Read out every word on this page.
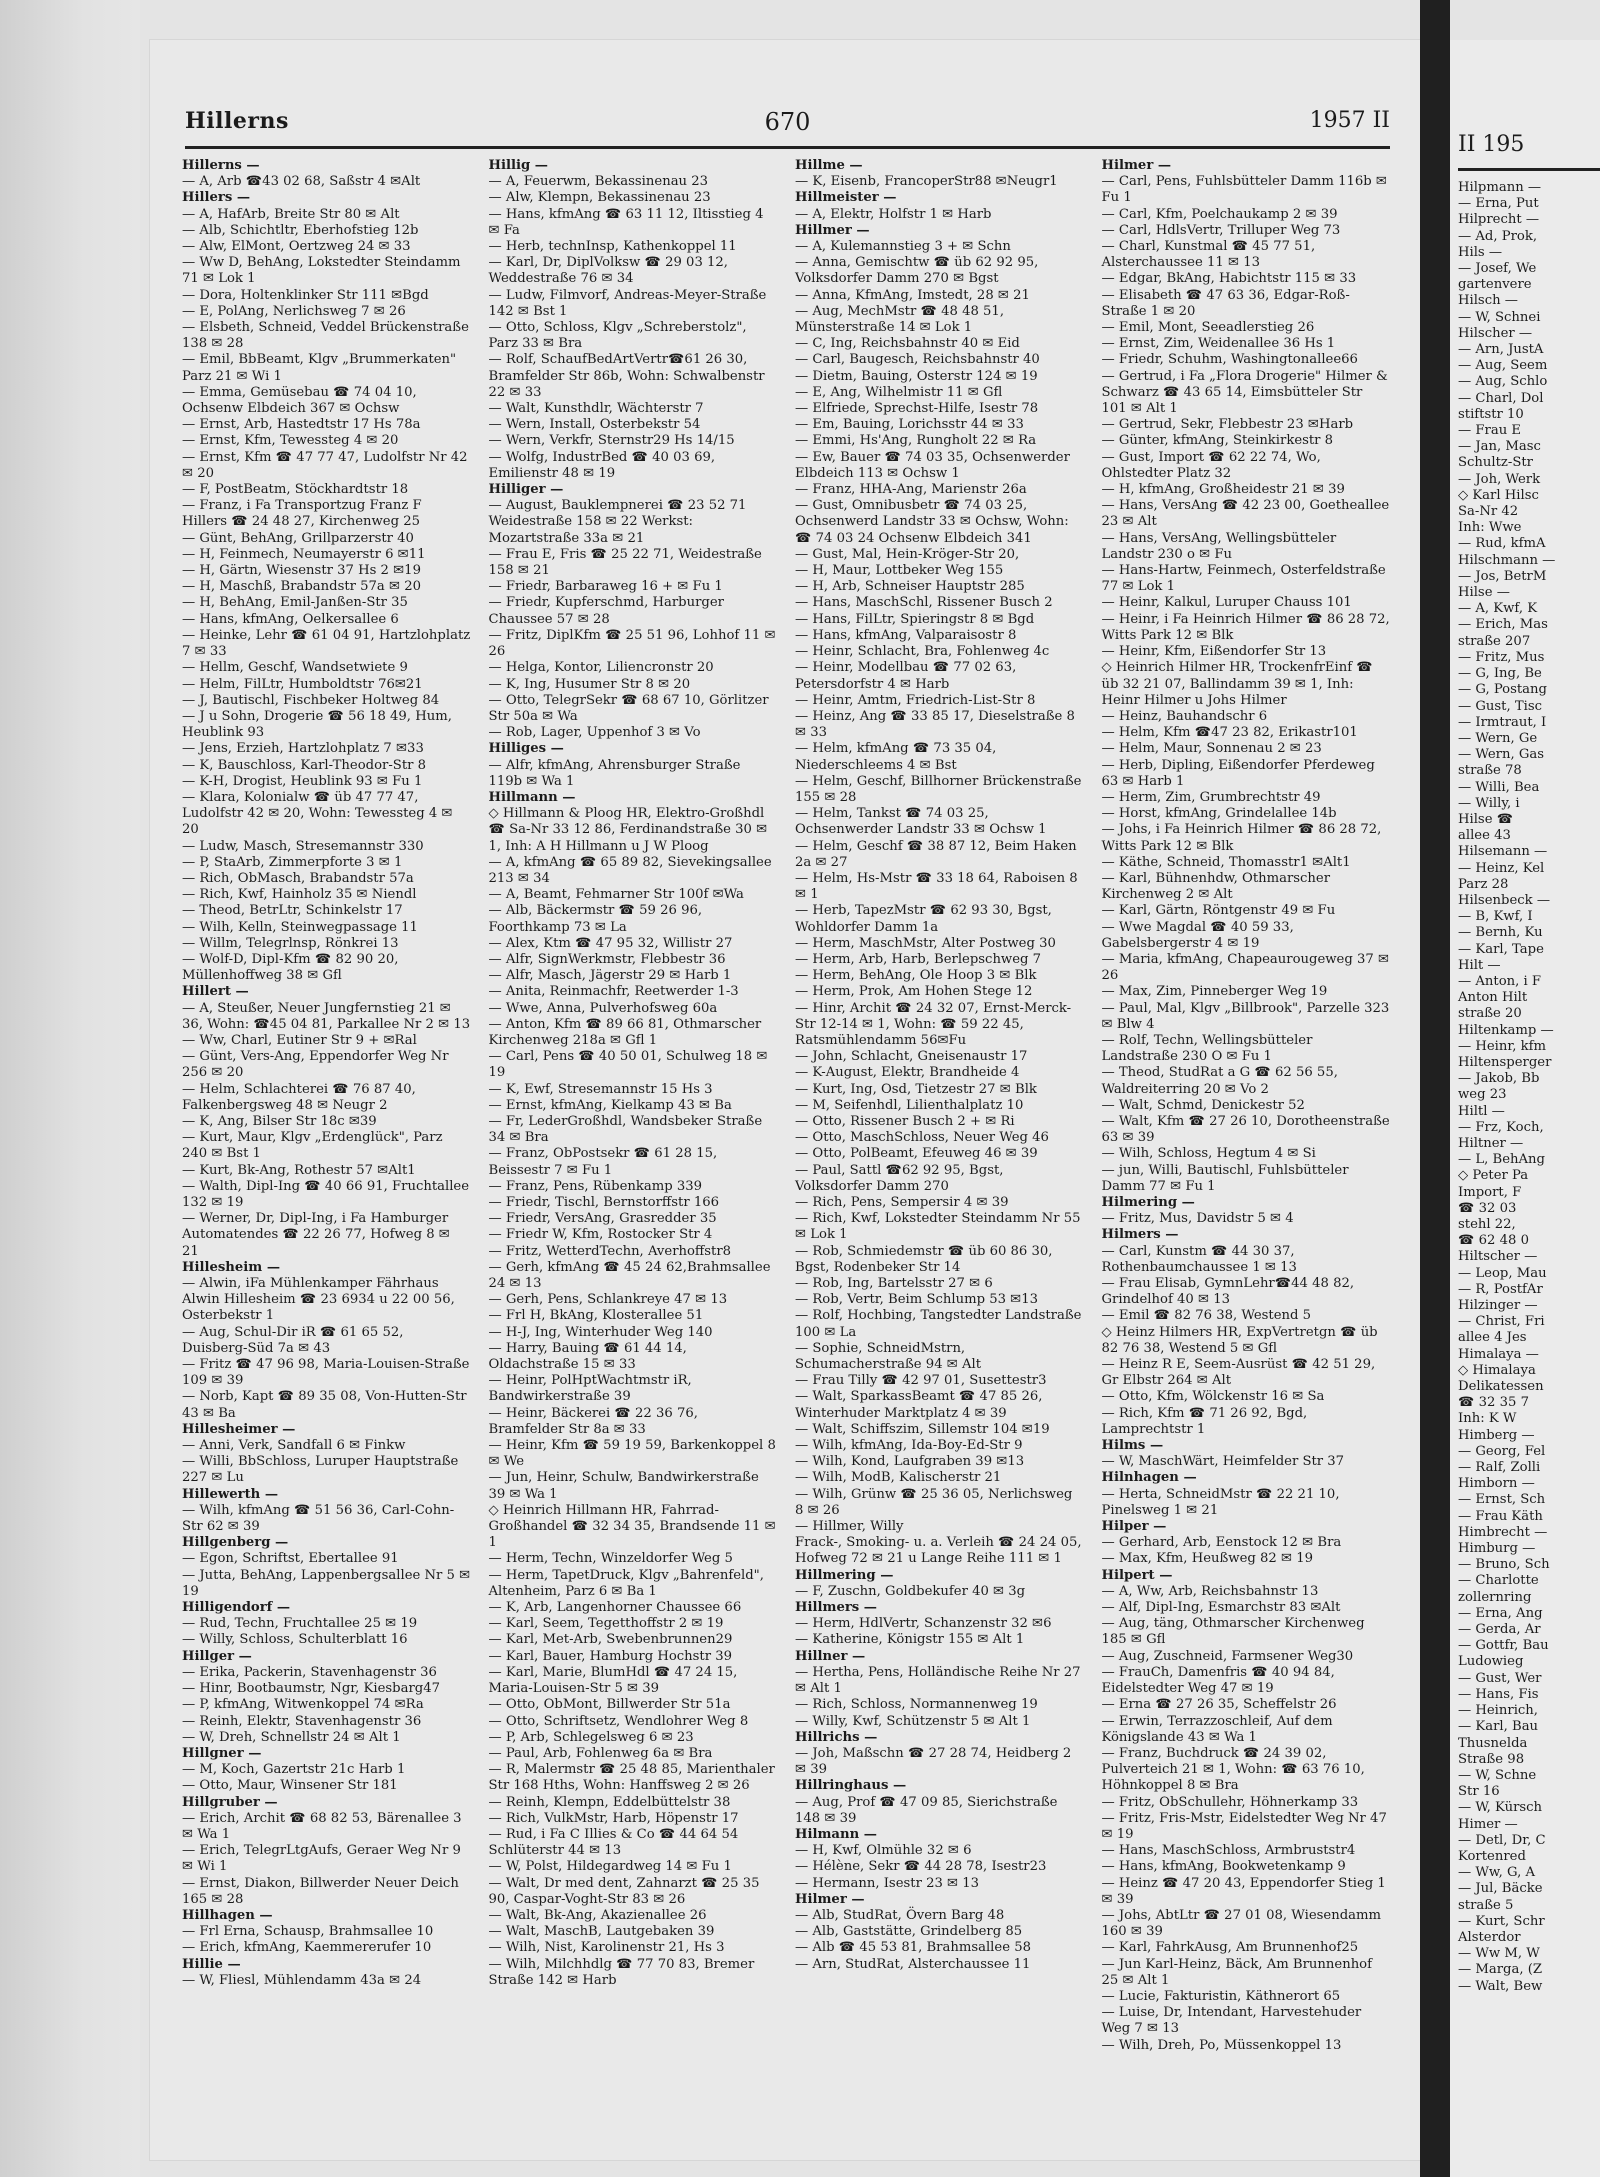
Hillerns	670	1957 II

Hillerns —

— A, Arb ☎43 02 68, Saßstr 4 ✉Alt

Hillers —

— A, HafArb, Breite Str 80 ✉ Alt

— Alb, Schichtltr, Eberhofstieg 12b

— Alw, ElMont, Oertzweg 24 ✉ 33

— Ww D, BehAng, Lokstedter Steindamm 71 ✉ Lok 1

— Dora, Holtenklinker Str 111 ✉Bgd

— E, PolAng, Nerlichsweg 7 ✉ 26

— Elsbeth, Schneid, Veddel Brückenstraße 138 ✉ 28

— Emil, BbBeamt, Klgv „Brummerkaten" Parz 21 ✉ Wi 1

— Emma, Gemüsebau ☎ 74 04 10, Ochsenw Elbdeich 367 ✉ Ochsw

— Ernst, Arb, Hastedtstr 17 Hs 78a

— Ernst, Kfm, Tewessteg 4 ✉ 20

— Ernst, Kfm ☎ 47 77 47, Ludolfstr Nr 42 ✉ 20

— F, PostBeatm, Stöckhardtstr 18

— Franz, i Fa Transportzug Franz F Hillers ☎ 24 48 27, Kirchenweg 25

— Günt, BehAng, Grillparzerstr 40

— H, Feinmech, Neumayerstr 6 ✉11

— H, Gärtn, Wiesenstr 37 Hs 2 ✉19

— H, Maschß, Brabandstr 57a ✉ 20

— H, BehAng, Emil-Janßen-Str 35

— Hans, kfmAng, Oelkersallee 6

— Heinke, Lehr ☎ 61 04 91, Hartzlohplatz 7 ✉ 33

— Hellm, Geschf, Wandsetwiete 9

— Helm, FilLtr, Humboldtstr 76✉21

— J, Bautischl, Fischbeker Holtweg 84

— J u Sohn, Drogerie ☎ 56 18 49, Hum, Heublink 93

— Jens, Erzieh, Hartzlohplatz 7 ✉33

— K, Bauschloss, Karl-Theodor-Str 8

— K-H, Drogist, Heublink 93 ✉ Fu 1

— Klara, Kolonialw ☎ üb 47 77 47, Ludolfstr 42 ✉ 20, Wohn: Tewessteg 4 ✉ 20

— Ludw, Masch, Stresemannstr 330

— P, StaArb, Zimmerpforte 3 ✉ 1

— Rich, ObMasch, Brabandstr 57a

— Rich, Kwf, Hainholz 35 ✉ Niendl

— Theod, BetrLtr, Schinkelstr 17

— Wilh, Kelln, Steinwegpassage 11

— Willm, Telegrlnsp, Rönkrei 13

— Wolf-D, Dipl-Kfm ☎ 82 90 20, Müllenhoffweg 38 ✉ Gfl

Hillert —

— A, Steußer, Neuer Jungfernstieg 21 ✉36, Wohn: ☎45 04 81, Parkallee Nr 2 ✉ 13

— Ww, Charl, Eutiner Str 9 + ✉Ral

— Günt, Vers-Ang, Eppendorfer Weg Nr 256 ✉ 20

— Helm, Schlachterei ☎ 76 87 40, Falkenbergsweg 48 ✉ Neugr 2

— K, Ang, Bilser Str 18c ✉39

— Kurt, Maur, Klgv „Erdenglück", Parz 240 ✉ Bst 1

— Kurt, Bk-Ang, Rothestr 57 ✉Alt1

— Walth, Dipl-Ing ☎ 40 66 91, Fruchtallee 132 ✉ 19

— Werner, Dr, Dipl-Ing, i Fa Hamburger Automatendes ☎ 22 26 77, Hofweg 8 ✉ 21

Hillesheim —

— Alwin, iFa Mühlenkamper Fährhaus Alwin Hillesheim ☎ 23 6934 u 22 00 56, Osterbekstr 1

— Aug, Schul-Dir iR ☎ 61 65 52, Duisberg-Süd 7a ✉ 43

— Fritz ☎ 47 96 98, Maria-Louisen-Straße 109 ✉ 39

— Norb, Kapt ☎ 89 35 08, Von-Hutten-Str 43 ✉ Ba

Hillesheimer —

— Anni, Verk, Sandfall 6 ✉ Finkw

— Willi, BbSchloss, Luruper Hauptstraße 227 ✉ Lu

Hillewerth —

— Wilh, kfmAng ☎ 51 56 36, Carl-Cohn-Str 62 ✉ 39

Hillgenberg —

— Egon, Schriftst, Ebertallee 91

— Jutta, BehAng, Lappenbergsallee Nr 5 ✉ 19

Hilligendorf —

— Rud, Techn, Fruchtallee 25 ✉ 19

— Willy, Schloss, Schulterblatt 16

Hillger —

— Erika, Packerin, Stavenhagenstr 36

— Hinr, Bootbaumstr, Ngr, Kiesbarg47

— P, kfmAng, Witwenkoppel 74 ✉Ra

— Reinh, Elektr, Stavenhagenstr 36

— W, Dreh, Schnellstr 24 ✉ Alt 1

Hillgner —

— M, Koch, Gazertstr 21c Harb 1

— Otto, Maur, Winsener Str 181

Hillgruber —

— Erich, Archit ☎ 68 82 53, Bärenallee 3 ✉ Wa 1

— Erich, TelegrLtgAufs, Geraer Weg Nr 9 ✉ Wi 1

— Ernst, Diakon, Billwerder Neuer Deich 165 ✉ 28

Hillhagen —

— Frl Erna, Schausp, Brahmsallee 10

— Erich, kfmAng, Kaemmererufer 10

Hillie —

— W, Fliesl, Mühlendamm 43a ✉ 24

Hillig —

— A, Feuerwm, Bekassinenau 23

— Alw, Klempn, Bekassinenau 23

— Hans, kfmAng ☎ 63 11 12, Iltisstieg 4 ✉ Fa

— Herb, technInsp, Kathenkoppel 11

— Karl, Dr, DiplVolksw ☎ 29 03 12, Weddestraße 76 ✉ 34

— Ludw, Filmvorf, Andreas-Meyer-Straße 142 ✉ Bst 1

— Otto, Schloss, Klgv „Schreberstolz", Parz 33 ✉ Bra

— Rolf, SchaufBedArtVertr☎61 26 30, Bramfelder Str 86b, Wohn: Schwalbenstr 22 ✉ 33

— Walt, Kunsthdlr, Wächterstr 7

— Wern, Install, Osterbekstr 54

— Wern, Verkfr, Sternstr29 Hs 14/15

— Wolfg, IndustrBed ☎ 40 03 69, Emilienstr 48 ✉ 19

Hilliger —

— August, Bauklempnerei ☎ 23 52 71 Weidestraße 158 ✉ 22 Werkst: Mozartstraße 33a ✉ 21

— Frau E, Fris ☎ 25 22 71, Weidestraße 158 ✉ 21

— Friedr, Barbaraweg 16 + ✉ Fu 1

— Friedr, Kupferschmd, Harburger Chaussee 57 ✉ 28

— Fritz, DiplKfm ☎ 25 51 96, Lohhof 11 ✉ 26

— Helga, Kontor, Liliencronstr 20

— K, Ing, Husumer Str 8 ✉ 20

— Otto, TelegrSekr ☎ 68 67 10, Görlitzer Str 50a ✉ Wa

— Rob, Lager, Uppenhof 3 ✉ Vo

Hilliges —

— Alfr, kfmAng, Ahrensburger Straße 119b ✉ Wa 1

Hillmann —

◇ Hillmann & Ploog HR, Elektro-Großhdl ☎ Sa-Nr 33 12 86, Ferdinandstraße 30 ✉ 1, Inh: A H Hillmann u J W Ploog

— A, kfmAng ☎ 65 89 82, Sievekingsallee 213 ✉ 34

— A, Beamt, Fehmarner Str 100f ✉Wa

— Alb, Bäckermstr ☎ 59 26 96, Foorthkamp 73 ✉ La

— Alex, Ktm ☎ 47 95 32, Willistr 27

— Alfr, SignWerkmstr, Flebbestr 36

— Alfr, Masch, Jägerstr 29 ✉ Harb 1

— Anita, Reinmachfr, Reetwerder 1-3

— Wwe, Anna, Pulverhofsweg 60a

— Anton, Kfm ☎ 89 66 81, Othmarscher Kirchenweg 218a ✉ Gfl 1

— Carl, Pens ☎ 40 50 01, Schulweg 18 ✉ 19

— K, Ewf, Stresemannstr 15 Hs 3

— Ernst, kfmAng, Kielkamp 43 ✉ Ba

— Fr, LederGroßhdl, Wandsbeker Straße 34 ✉ Bra

— Franz, ObPostsekr ☎ 61 28 15, Beissestr 7 ✉ Fu 1

— Franz, Pens, Rübenkamp 339

— Friedr, Tischl, Bernstorffstr 166

— Friedr, VersAng, Grasredder 35

— Friedr W, Kfm, Rostocker Str 4

— Fritz, WetterdTechn, Averhoffstr8

— Gerh, kfmAng ☎ 45 24 62,Brahmsallee 24 ✉ 13

— Gerh, Pens, Schlankreye 47 ✉ 13

— Frl H, BkAng, Klosterallee 51

— H-J, Ing, Winterhuder Weg 140

— Harry, Bauing ☎ 61 44 14, Oldachstraße 15 ✉ 33

— Heinr, PolHptWachtmstr iR, Bandwirkerstraße 39

— Heinr, Bäckerei ☎ 22 36 76, Bramfelder Str 8a ✉ 33

— Heinr, Kfm ☎ 59 19 59, Barkenkoppel 8 ✉ We

— Jun, Heinr, Schulw, Bandwirkerstraße 39 ✉ Wa 1

◇ Heinrich Hillmann HR, Fahrrad-Großhandel ☎ 32 34 35, Brandsende 11 ✉ 1

— Herm, Techn, Winzeldorfer Weg 5

— Herm, TapetDruck, Klgv „Bahrenfeld", Altenheim, Parz 6 ✉ Ba 1

— K, Arb, Langenhorner Chaussee 66

— Karl, Seem, Tegetthoffstr 2 ✉ 19

— Karl, Met-Arb, Swebenbrunnen29

— Karl, Bauer, Hamburg Hochstr 39

— Karl, Marie, BlumHdl ☎ 47 24 15, Maria-Louisen-Str 5 ✉ 39

— Otto, ObMont, Billwerder Str 51a

— Otto, Schriftsetz, Wendlohrer Weg 8

— P, Arb, Schlegelsweg 6 ✉ 23

— Paul, Arb, Fohlenweg 6a ✉ Bra

— R, Malermstr ☎ 25 48 85, Marienthaler Str 168 Hths, Wohn: Hanffsweg 2 ✉ 26

— Reinh, Klempn, Eddelbüttelstr 38

— Rich, VulkMstr, Harb, Höpenstr 17

— Rud, i Fa C Illies & Co ☎ 44 64 54 Schlüterstr 44 ✉ 13

— W, Polst, Hildegardweg 14 ✉ Fu 1

— Walt, Dr med dent, Zahnarzt ☎ 25 35 90, Caspar-Voght-Str 83 ✉ 26

— Walt, Bk-Ang, Akazienallee 26

— Walt, MaschB, Lautgebaken 39

— Wilh, Nist, Karolinenstr 21, Hs 3

— Wilh, Milchhdlg ☎ 77 70 83, Bremer Straße 142 ✉ Harb

Hillme —

— K, Eisenb, FrancoperStr88 ✉Neugr1

Hillmeister —

— A, Elektr, Holfstr 1 ✉ Harb

Hillmer —

— A, Kulemannstieg 3 + ✉ Schn

— Anna, Gemischtw ☎ üb 62 92 95, Volksdorfer Damm 270 ✉ Bgst

— Anna, KfmAng, Imstedt, 28 ✉ 21

— Aug, MechMstr ☎ 48 48 51, Münsterstraße 14 ✉ Lok 1

— C, Ing, Reichsbahnstr 40 ✉ Eid

— Carl, Baugesch, Reichsbahnstr 40

— Dietm, Bauing, Osterstr 124 ✉ 19

— E, Ang, Wilhelmistr 11 ✉ Gfl

— Elfriede, Sprechst-Hilfe, Isestr 78

— Em, Bauing, Lorichsstr 44 ✉ 33

— Emmi, Hs'Ang, Rungholt 22 ✉ Ra

— Ew, Bauer ☎ 74 03 35, Ochsenwerder Elbdeich 113 ✉ Ochsw 1

— Franz, HHA-Ang, Marienstr 26a

— Gust, Omnibusbetr ☎ 74 03 25, Ochsenwerd Landstr 33 ✉ Ochsw, Wohn: ☎ 74 03 24 Ochsenw Elbdeich 341

— Gust, Mal, Hein-Kröger-Str 20,

— H, Maur, Lottbeker Weg 155

— H, Arb, Schneiser Hauptstr 285

— Hans, MaschSchl, Rissener Busch 2

— Hans, FilLtr, Spieringstr 8 ✉ Bgd

— Hans, kfmAng, Valparaisostr 8

— Heinr, Schlacht, Bra, Fohlenweg 4c

— Heinr, Modellbau ☎ 77 02 63, Petersdorfstr 4 ✉ Harb

— Heinr, Amtm, Friedrich-List-Str 8

— Heinz, Ang ☎ 33 85 17, Dieselstraße 8 ✉ 33

— Helm, kfmAng ☎ 73 35 04, Niederschleems 4 ✉ Bst

— Helm, Geschf, Billhorner Brückenstraße 155 ✉ 28

— Helm, Tankst ☎ 74 03 25, Ochsenwerder Landstr 33 ✉ Ochsw 1

— Helm, Geschf ☎ 38 87 12, Beim Haken 2a ✉ 27

— Helm, Hs-Mstr ☎ 33 18 64, Raboisen 8 ✉ 1

— Herb, TapezMstr ☎ 62 93 30, Bgst, Wohldorfer Damm 1a

— Herm, MaschMstr, Alter Postweg 30

— Herm, Arb, Harb, Berlepschweg 7

— Herm, BehAng, Ole Hoop 3 ✉ Blk

— Herm, Prok, Am Hohen Stege 12

— Hinr, Archit ☎ 24 32 07, Ernst-Merck-Str 12-14 ✉ 1, Wohn: ☎ 59 22 45, Ratsmühlendamm 56✉Fu

— John, Schlacht, Gneisenaustr 17

— K-August, Elektr, Brandheide 4

— Kurt, Ing, Osd, Tietzestr 27 ✉ Blk

— M, Seifenhdl, Lilienthalplatz 10

— Otto, Rissener Busch 2 + ✉ Ri

— Otto, MaschSchloss, Neuer Weg 46

— Otto, PolBeamt, Efeuweg 46 ✉ 39

— Paul, Sattl ☎62 92 95, Bgst, Volksdorfer Damm 270

— Rich, Pens, Sempersir 4 ✉ 39

— Rich, Kwf, Lokstedter Steindamm Nr 55 ✉ Lok 1

— Rob, Schmiedemstr ☎ üb 60 86 30, Bgst, Rodenbeker Str 14

— Rob, Ing, Bartelsstr 27 ✉ 6

— Rob, Vertr, Beim Schlump 53 ✉13

— Rolf, Hochbing, Tangstedter Landstraße 100 ✉ La

— Sophie, SchneidMstrn, Schumacherstraße 94 ✉ Alt

— Frau Tilly ☎ 42 97 01, Susettestr3

— Walt, SparkassBeamt ☎ 47 85 26, Winterhuder Marktplatz 4 ✉ 39

— Walt, Schiffszim, Sillemstr 104 ✉19

— Wilh, kfmAng, Ida-Boy-Ed-Str 9

— Wilh, Kond, Laufgraben 39 ✉13

— Wilh, ModB, Kalischerstr 21

— Wilh, Grünw ☎ 25 36 05, Nerlichsweg 8 ✉ 26

— Hillmer, Willy

Frack-, Smoking- u. a. Verleih ☎ 24 24 05, Hofweg 72 ✉ 21 u Lange Reihe 111 ✉ 1

Hillmering —

— F, Zuschn, Goldbekufer 40 ✉ 3g

Hillmers —

— Herm, HdlVertr, Schanzenstr 32 ✉6

— Katherine, Königstr 155 ✉ Alt 1

Hillner —

— Hertha, Pens, Holländische Reihe Nr 27 ✉ Alt 1

— Rich, Schloss, Normannenweg 19

— Willy, Kwf, Schützenstr 5 ✉ Alt 1

Hillrichs —

— Joh, Maßschn ☎ 27 28 74, Heidberg 2 ✉ 39

Hillringhaus —

— Aug, Prof ☎ 47 09 85, Sierichstraße 148 ✉ 39

Hilmann —

— H, Kwf, Olmühle 32 ✉ 6

— Hélène, Sekr ☎ 44 28 78, Isestr23

— Hermann, Isestr 23 ✉ 13

Hilmer —

— Alb, StudRat, Övern Barg 48

— Alb, Gaststätte, Grindelberg 85

— Alb ☎ 45 53 81, Brahmsallee 58

— Arn, StudRat, Alsterchaussee 11

Hilmer —

— Carl, Pens, Fuhlsbütteler Damm 116b ✉ Fu 1

— Carl, Kfm, Poelchaukamp 2 ✉ 39

— Carl, HdlsVertr, Trilluper Weg 73

— Charl, Kunstmal ☎ 45 77 51, Alsterchaussee 11 ✉ 13

— Edgar, BkAng, Habichtstr 115 ✉ 33

— Elisabeth ☎ 47 63 36, Edgar-Roß-Straße 1 ✉ 20

— Emil, Mont, Seeadlerstieg 26

— Ernst, Zim, Weidenallee 36 Hs 1

— Friedr, Schuhm, Washingtonallee66

— Gertrud, i Fa „Flora Drogerie" Hilmer & Schwarz ☎ 43 65 14, Eimsbütteler Str 101 ✉ Alt 1

— Gertrud, Sekr, Flebbestr 23 ✉Harb

— Günter, kfmAng, Steinkirkestr 8

— Gust, Import ☎ 62 22 74, Wo, Ohlstedter Platz 32

— H, kfmAng, Großheidestr 21 ✉ 39

— Hans, VersAng ☎ 42 23 00, Goetheallee 23 ✉ Alt

— Hans, VersAng, Wellingsbütteler Landstr 230 o ✉ Fu

— Hans-Hartw, Feinmech, Osterfeldstraße 77 ✉ Lok 1

— Heinr, Kalkul, Luruper Chauss 101

— Heinr, i Fa Heinrich Hilmer ☎ 86 28 72, Witts Park 12 ✉ Blk

— Heinr, Kfm, Eißendorfer Str 13

◇ Heinrich Hilmer HR, TrockenfrEinf ☎ üb 32 21 07, Ballindamm 39 ✉ 1, Inh: Heinr Hilmer u Johs Hilmer

— Heinz, Bauhandschr 6

— Helm, Kfm ☎47 23 82, Erikastr101

— Helm, Maur, Sonnenau 2 ✉ 23

— Herb, Dipling, Eißendorfer Pferdeweg 63 ✉ Harb 1

— Herm, Zim, Grumbrechtstr 49

— Horst, kfmAng, Grindelallee 14b

— Johs, i Fa Heinrich Hilmer ☎ 86 28 72, Witts Park 12 ✉ Blk

— Käthe, Schneid, Thomasstr1 ✉Alt1

— Karl, Bühnenhdw, Othmarscher Kirchenweg 2 ✉ Alt

— Karl, Gärtn, Röntgenstr 49 ✉ Fu

— Wwe Magdal ☎ 40 59 33, Gabelsbergerstr 4 ✉ 19

— Maria, kfmAng, Chapeaurougeweg 37 ✉ 26

— Max, Zim, Pinneberger Weg 19

— Paul, Mal, Klgv „Billbrook", Parzelle 323 ✉ Blw 4

— Rolf, Techn, Wellingsbütteler Landstraße 230 O ✉ Fu 1

— Theod, StudRat a G ☎ 62 56 55, Waldreiterring 20 ✉ Vo 2

— Walt, Schmd, Denickestr 52

— Walt, Kfm ☎ 27 26 10, Dorotheenstraße 63 ✉ 39

— Wilh, Schloss, Hegtum 4 ✉ Si

— jun, Willi, Bautischl, Fuhlsbütteler Damm 77 ✉ Fu 1

Hilmering —

— Fritz, Mus, Davidstr 5 ✉ 4

Hilmers —

— Carl, Kunstm ☎ 44 30 37, Rothenbaumchaussee 1 ✉ 13

— Frau Elisab, GymnLehr☎44 48 82, Grindelhof 40 ✉ 13

— Emil ☎ 82 76 38, Westend 5

◇ Heinz Hilmers HR, ExpVertretgn ☎ üb 82 76 38, Westend 5 ✉ Gfl

— Heinz R E, Seem-Ausrüst ☎ 42 51 29, Gr Elbstr 264 ✉ Alt

— Otto, Kfm, Wölckenstr 16 ✉ Sa

— Rich, Kfm ☎ 71 26 92, Bgd, Lamprechtstr 1

Hilms —

— W, MaschWärt, Heimfelder Str 37

Hilnhagen —

— Herta, SchneidMstr ☎ 22 21 10, Pinelsweg 1 ✉ 21

Hilper —

— Gerhard, Arb, Eenstock 12 ✉ Bra

— Max, Kfm, Heußweg 82 ✉ 19

Hilpert —

— A, Ww, Arb, Reichsbahnstr 13

— Alf, Dipl-Ing, Esmarchstr 83 ✉Alt

— Aug, täng, Othmarscher Kirchenweg 185 ✉ Gfl

— Aug, Zuschneid, Farmsener Weg30

— FrauCh, Damenfris ☎ 40 94 84, Eidelstedter Weg 47 ✉ 19

— Erna ☎ 27 26 35, Scheffelstr 26

— Erwin, Terrazzoschleif, Auf dem Königslande 43 ✉ Wa 1

— Franz, Buchdruck ☎ 24 39 02, Pulverteich 21 ✉ 1, Wohn: ☎ 63 76 10, Höhnkoppel 8 ✉ Bra

— Fritz, ObSchullehr, Höhnerkamp 33

— Fritz, Fris-Mstr, Eidelstedter Weg Nr 47 ✉ 19

— Hans, MaschSchloss, Armbruststr4

— Hans, kfmAng, Bookwetenkamp 9

— Heinz ☎ 47 20 43, Eppendorfer Stieg 1 ✉ 39

— Johs, AbtLtr ☎ 27 01 08, Wiesendamm 160 ✉ 39

— Karl, FahrkAusg, Am Brunnenhof25

— Jun Karl-Heinz, Bäck, Am Brunnenhof 25 ✉ Alt 1

— Lucie, Fakturistin, Käthnerort 65

— Luise, Dr, Intendant, Harvestehuder Weg 7 ✉ 13

— Wilh, Dreh, Po, Müssenkoppel 13

II 195
Hilpmann —
— Erna, Put
Hilprecht —
— Ad, Prok,
Hils —
— Josef, We
gartenvere
Hilsch —
— W, Schnei
Hilscher —
— Arn, JustA
— Aug, Seem
— Aug, Schlo
— Charl, Dol
stiftstr 10
— Frau E
— Jan, Masc
Schultz-Str
— Joh, Werk
◇ Karl Hilsc
Sa-Nr 42
Inh: Wwe
— Rud, kfmA
Hilschmann —
— Jos, BetrM
Hilse —
— A, Kwf, K
— Erich, Mas
straße 207
— Fritz, Mus
— G, Ing, Be
— G, Postang
— Gust, Tisc
— Irmtraut, I
— Wern, Ge
— Wern, Gas
straße 78
— Willi, Bea
— Willy, i
Hilse ☎
allee 43
Hilsemann —
— Heinz, Kel
Parz 28
Hilsenbeck —
— B, Kwf, I
— Bernh, Ku
— Karl, Tape
Hilt —
— Anton, i F
Anton Hilt
straße 20
Hiltenkamp —
— Heinr, kfm
Hiltensperger
— Jakob, Bb
weg 23
Hiltl —
— Frz, Koch,
Hiltner —
— L, BehAng
◇ Peter Pa
Import, F
☎ 32 03
stehl 22,
☎ 62 48 0
Hiltscher —
— Leop, Mau
— R, PostfAr
Hilzinger —
— Christ, Fri
allee 4 Jes
Himalaya —
◇ Himalaya
Delikatessen
☎ 32 35 7
Inh: K W
Himberg —
— Georg, Fel
— Ralf, Zolli
Himborn —
— Ernst, Sch
— Frau Käth
Himbrecht —
Himburg —
— Bruno, Sch
— Charlotte
zollernring
— Erna, Ang
— Gerda, Ar
— Gottfr, Bau
Ludowieg
— Gust, Wer
— Hans, Fis
— Heinrich,
— Karl, Bau
Thusnelda
Straße 98
— W, Schne
Str 16
— W, Kürsch
Himer —
— Detl, Dr, C
Kortenred
— Ww, G, A
— Jul, Bäcke
straße 5
— Kurt, Schr
Alsterdor
— Ww M, W
— Marga, (Z
— Walt, Bew
